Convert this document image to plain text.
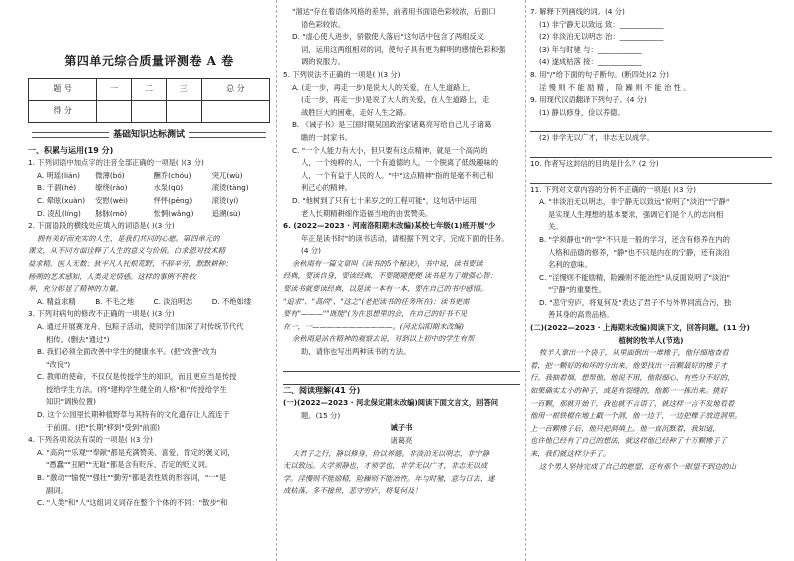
第四单元综合质量评测卷 A 卷
题 号	一	二	三	总 分
得 分				
基础知识达标测试

一、积累与运用(19 分)

1. 下列词语中加点字的注音全部正确的一项是( )(3 分)

A. 明瑶(lián)	微薄(bó)	酬乔(chóu)	突兀(wù)
B. 干涸(hé)	缭绕(rào)	水泵(qū)	滚烫(tàng)
C. 晕眩(xuàn)	安慰(wèi)	怦怦(pēng)	滚烫(yí)
D. 凌乱(líng)	脉脉(mò)	怅惘(wǎng)	追溯(sù)

2. 下面语段的横线处应填入的词语是( )(3 分)

拥有美好而充实的人生，是我们共同的心愿。第四单元的

课文，从不同方面诠释了人生的意义与价值。白求恩对技术精

益求精，医人无数；狄平凡人托根荒野，不辞辛劳，默默耕种；

杨朔的艺术感知，人类灵光情感。这样的事例不胜枚

举，充分彰显了精神的力量。

A. 精益求精	B. 不毛之地	C. 淡泊明志	D. 不绝如缕

3. 下列对病句的修改不正确的一项是( )(3 分)

A. 通过开展赛龙舟、包粽子活动，使同学们加深了对传统节代代

相传。(删去"通过")

B. 我们必须全面改善中学生的健康水平。(把"改善"改为

"改良")

C. 教师的使命，不仅仅是传授学生的知识，而且更应当是传授

授给学生方法。(将"建构学生健全的人格"和"传授给学生

知识"调换位置)

D. 这个公园里长期种植野草与其特有的文化遗存让人流连于

于前面。(把"长期"移到"受到"前面)

4. 下列各项说法有误的一项是( )(3 分)

A. "高尚""乐观""奉献"都是充满赞美、喜爱、肯定的褒义词，

"愚蠢""丑陋""无耻"都是含有贬斥、否定的贬义词。

B. "激动""愉悦""强壮""勤劳"都是表性质的形容词，"一"是

副词。

C. "人类"和"人"这组词义词存在整个个体的不同："散步"和

"溜达"存在着语体风格的差异，前者用书面语色彩较浓，后面口

语色彩较浓。

D. "虚心使人进步，骄傲使人落后"这句话中包含了两组反义

词，运用这两组相对的词，使句子具有更为鲜明的感情色彩和强

调的说服力。

5. 下列说法不正确的一项是( )(3 分)

A. (走一步，再走一步)是说大人的关爱，在人生道路上，

(走一步，再走一步)是说了大人的关爱，在人生道路上，走

战胜巨大的困难，走好人生之路。

B. 《诫子书》是三国时期吴国政治家诸葛亮写给自己儿子诸葛

瞻的一封家书。

C. "一个人能力有大小，但只要有这点精神，就是一个高尚的

人，一个纯粹的人，一个有道德的人，一个脱离了低级趣味的

人，一个有益于人民的人。"中"这点精神"指的是毫不利己和

利己心的精神。

D. "他树到了只有七十来岁之的工程可能"，这句话中运用

老人长期精耕细作造福当地的由衷赞美。

6. (2022—2023 · 河南洛阳期末改编)某校七年级(1)班开展"少

年正是读书时"的读书活动，请根据下列文字，完成下面的任务。

(4 分)

余秋雨有一篇文章叫《读书的5个秘诀》，书中说，读书要读

经典，要读自身，要读经典，不要随随便便 读书是为了增强心智；

要读书就要读经典，以是读一本有一本，要在自己的书中感悟。

"追求"、"高尚"、"这之"(老把读书的任务所在)；读书更需

要有"———""既能"(为在思想里的会，在自己的好书不见

在一，一———————————。(河北信阳期末改编)

余秋雨是站在精神的观察去说，对到以上初中的学生有帮

助，请你也写出两种读书的方法。

二、阅读理解(41 分)

(一)(2022—2023 · 河北保定期末改编)阅读下面文言文，回答问

题。(15 分)

诫子书

诸葛亮

夫君子之行，静以修身，俭以养德。非淡泊无以明志，非宁静

无以致远。夫学须静也，才须学也，非学无以广才，非志无以成

学。淫慢则不能励精，险躁则不能冶性。年与时驰，意与日去，遂

成枯落，多不接世，悲守穷庐，将复何及！

7. 解释下列画线的词。(4 分)

(1) 非宁静无以致远 致：____________

(2) 非淡泊无以明志 治：____________

(3) 年与时驰 与：____________

(4) 遂成枯落 接：____________

8. 用"/"给下面的句子断句。(断四处)(2 分)

淫 慢 则 不 能 励 精 ， 险 躁 则 不 能 治 性 。

9. 用现代汉语翻译下列句子。(4 分)

(1) 静以修身，俭以养德。

(2) 非学无以广才，非志无以成学。

10. 作者写这封信的目的是什么？(2 分)

11. 下列对文章内容的分析不正确的一项是( )(3 分)

A. "非淡泊无以明志，非宁静无以致远"说明了"淡泊""宁静"

是实现人生理想的基本要求，强调它们是个人的志向相

关。

B. "学须静也"的"学"不只是一般的学习，还含有修养在内的

人格和品德的修养，"静"也不只是内在的宁静，还有淡泊

名利的意味。

C. "淫慢则不能励精，险躁则不能冶性"从反面说明了"淡泊"

"宁静"的重要性。

D. "悲守穷庐，将复何及"表达了君子不与外界同流合污，独

善其身的高贵品格。

(二)(2022—2023 · 上海期末改编)阅读下文，回答问题。(11 分)

植树的牧羊人(节选)

牧羊人拿出一个袋子，从里面倒出一堆橡子，他仔细地查看

着，把一颗好的和坏的分出来。他要找出一百颗最好的橡子才

行。我抽着烟，想帮他，他说不用，他很细心，有些分不好的，

如果确实太小的种子，或是有裂缝的，他都一一拣出来。挑好

一百颗，那就开始干，我也就不言语了，就这样一言不发地看着

他用一根铁棍在地上戳一个洞，他一边干，一边把橡子放进洞里。

上一百颗橡子后，他只把洞填上。他一直沉默着，我知道，

也许他已经有了自己的想法，就这样他已经种了十万颗橡子了

来，我们就这样分手了。

这个男人坚持完成了自己的愿望，还有那个一眼望不到边的山
